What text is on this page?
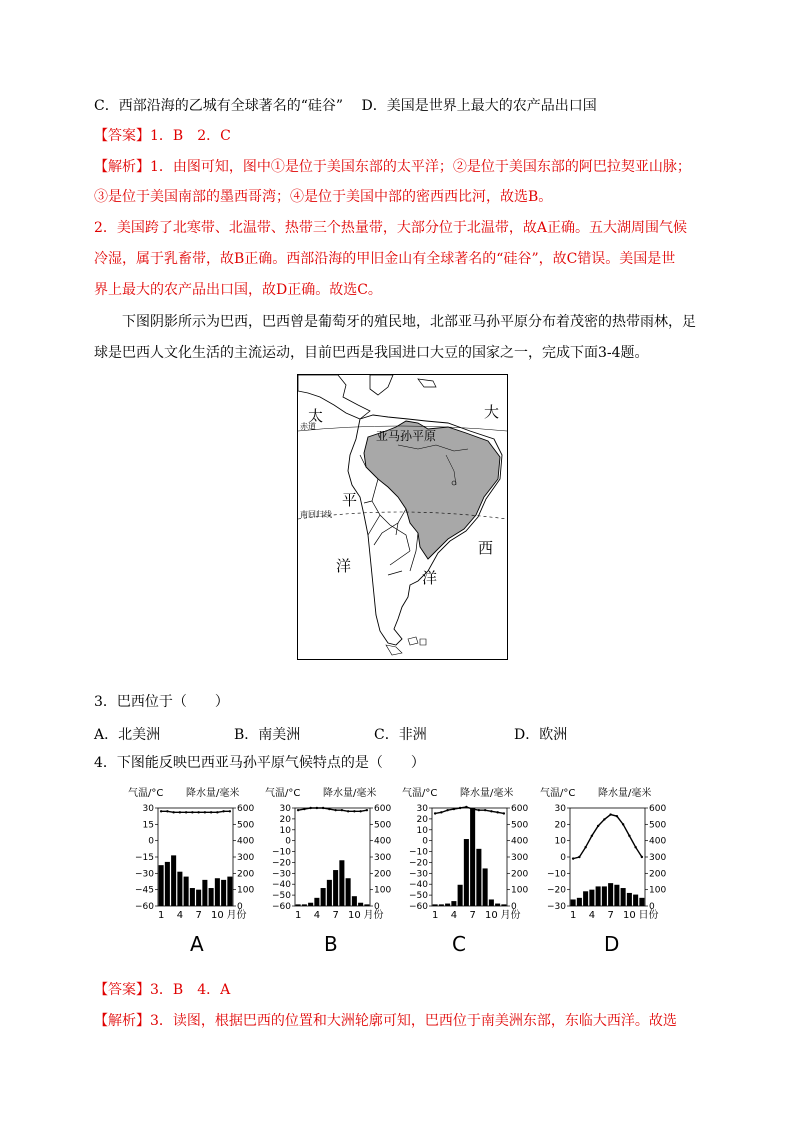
C．西部沿海的乙城有全球著名的“硅谷”　 D．美国是世界上最大的农产品出口国
【答案】1．B　2．C
【解析】1．由图可知，图中①是位于美国东部的太平洋；②是位于美国东部的阿巴拉契亚山脉；
③是位于美国南部的墨西哥湾；④是位于美国中部的密西西比河，故选B。
2．美国跨了北寒带、北温带、热带三个热量带，大部分位于北温带，故A正确。五大湖周围气候
冷湿，属于乳畜带，故B正确。西部沿海的甲旧金山有全球著名的“硅谷”，故C错误。美国是世
界上最大的农产品出口国，故D正确。故选C。
下图阴影所示为巴西，巴西曾是葡萄牙的殖民地，北部亚马孙平原分布着茂密的热带雨林，足
球是巴西人文化生活的主流运动，目前巴西是我国进口大豆的国家之一，完成下面3-4题。
太
平
洋
大
西
洋
赤道
南回归线
亚马孙平原
3．巴西位于（　　）
A．北美洲	B．南美洲	C．非洲	D．欧洲
4．下图能反映巴西亚马孙平原气候特点的是（　　）
气温/°C 降水量/毫米
30
15
0
−15
−30
−45
−60
600
500
400
300
200
100
0
1 4 7 10 月份
气温/°C 降水量/毫米
30
20
10
0
−10
−20
−30
−40
−50
−60
600
500
400
300
200
100
0
1 4 7 10 月份
气温/°C 降水量/毫米
30
20
10
0
−10
−20
−30
−40
−50
−60
600
500
400
300
200
100
0
1 4 7 10 月份
气温/°C 降水量/毫米
30
20
10
0
−10
−20
−30
600
500
400
300
200
100
0
1 4 7 10 日份
A	B	C	D
【答案】3．B　4．A
【解析】3．读图，根据巴西的位置和大洲轮廓可知，巴西位于南美洲东部，东临大西洋。故选
